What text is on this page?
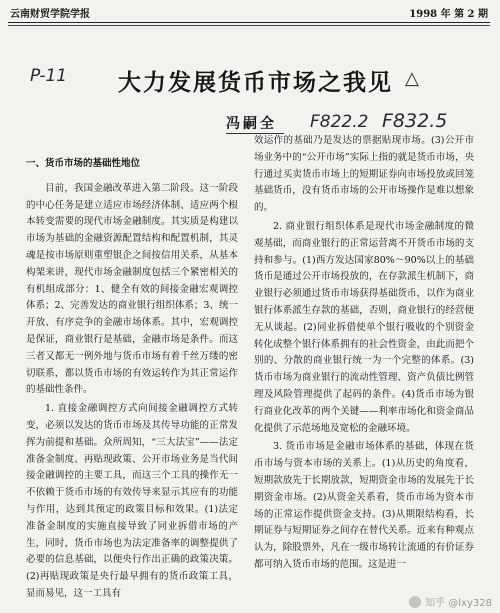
云南财贸学院学报	1998 年 第 2 期
P-11 大力发展货币市场之我见 △
冯嗣全 F822.2 F832.5
一、货币市场的基础性地位

目前，我国金融改革进入第二阶段。这一阶段的中心任务是建立适应市场经济体制、适应两个根本转变需要的现代市场金融制度。其实质是构建以市场为基础的金融资源配置结构和配置机制，其灵魂是按市场原则重塑银企之间按信用关系，从基本构架来讲，现代市场金融制度包括三个紧密相关的有机组成部分：1、健全有效的间接金融宏观调控体系；2、完善发达的商业银行组织体系；3、统一开放、有序竞争的金融市场体系。其中，宏观调控是保证，商业银行是基础，金融市场是条件。而这三者又都无一例外地与货币市场有着千丝万缕的密切联系，都以货币市场的有效运转作为其正常运作的基础性条件。

1. 直接金融调控方式向间接金融调控方式转变，必须以发达的货币市场及其传导功能的正常发挥为前提和基础。众所周知，“三大法宝”——法定准备金制度、再贴现政策、公开市场业务是当代间接金融调控的主要工具，而这三个工具的操作无一不依赖于货币市场的有效传导来显示其应有的功能与作用，达到其预定的政策目标和效果。(1)法定准备金制度的实施直接导致了同业拆借市场的产生，同时，货币市场也为法定准备率的调整提供了必要的信息基础，以便央行作出正确的政策决策。(2)再贴现政策是央行最早拥有的货币政策工具，显而易见，这一工具有

效运作的基础乃是发达的票据贴现市场。(3)公开市场业务中的“公开市场”实际上指的就是货币市场，央行通过买卖货币市场上的短期证券向市场投放或回笼基础货币，没有货币市场的公开市场操作是难以想象的。

2. 商业银行组织体系是现代市场金融制度的微观基础，而商业银行的正常运营离不开货币市场的支持和参与。(1)西方发达国家80%～90%以上的基础货币是通过公开市场投放的，在存款派生机制下，商业银行必须通过货币市场获得基础货币，以作为商业银行体系派生存款的基础，否则，商业银行的经营便无从谈起。(2)同业拆借使单个银行吸收的个别资金转化成整个银行体系拥有的社会性资金，由此而把个别的、分散的商业银行统一为一个完整的体系。(3)货币市场为商业银行的流动性管理、资产负债比例管理及风险管理提供了起码的条件。(4)货币市场为银行商业化改革的两个关键——利率市场化和资金商品化提供了示范场地及宽松的金融环境。

3. 货币市场是金融市场体系的基础，体现在货币市场与资本市场的关系上。(1)从历史的角度看，短期款放先于长期放款，短期资金市场的发展先于长期资金市场。(2)从资金关系看，货币市场为资本市场的正常运作提供资金支持。(3)从期限结构看，长期证券与短期证券之间存在替代关系。近来有种观点认为，除股票外，凡在一级市场转让流通的有价证券都可纳入货币市场的范围。这是进一

知乎 @lxy328
